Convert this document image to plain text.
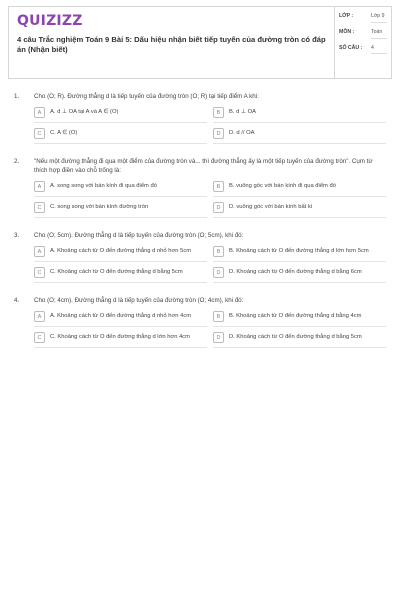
QUIZIZZ
4 câu Trắc nghiệm Toán 9 Bài 5: Dấu hiệu nhận biết tiếp tuyến của đường tròn có đáp án (Nhận biết)
LỚP :	Lớp 9
MÔN :	Toán
SỐ CÂU : 4
1.	Cho (O; R). Đường thẳng d là tiếp tuyến của đường tròn (O; R) tại tiếp điểm A khi:
A	A. d ⊥ OA tại A và A ∈ (O)	B	B. d ⊥ OA
C	C. A ∈ (O)	D	D. d // OA
2.	"Nếu một đường thẳng đi qua một điểm của đường tròn và... thì đường thẳng ấy là một tiếp tuyến của đường tròn". Cụm từ thích hợp điền vào chỗ trống là:
A	A. song song với bán kính đi qua điểm đó	B	B. vuông góc với bán kính đi qua điểm đó
C	C. song song với bán kính đường tròn	D	D. vuông góc với bán kính bất kì
3.	Cho (O; 5cm). Đường thẳng d là tiếp tuyến của đường tròn (O; 5cm), khi đó:
A	A. Khoảng cách từ O đến đường thẳng d nhỏ hơn 5cm	B	B. Khoảng cách từ O đến đường thẳng d lớn hơn 5cm
C	C. Khoảng cách từ O đến đường thẳng d bằng 5cm	D	D. Khoảng cách từ O đến đường thẳng d bằng 6cm
4.	Cho (O; 4cm). Đường thẳng d là tiếp tuyến của đường tròn (O; 4cm), khi đó:
A	A. Khoảng cách từ O đến đường thẳng d nhỏ hơn 4cm	B	B. Khoảng cách từ O đến đường thẳng d bằng 4cm
C	C. Khoảng cách từ O đến đường thẳng d lớn hơn 4cm	D	D. Khoảng cách từ O đến đường thẳng d bằng 5cm
